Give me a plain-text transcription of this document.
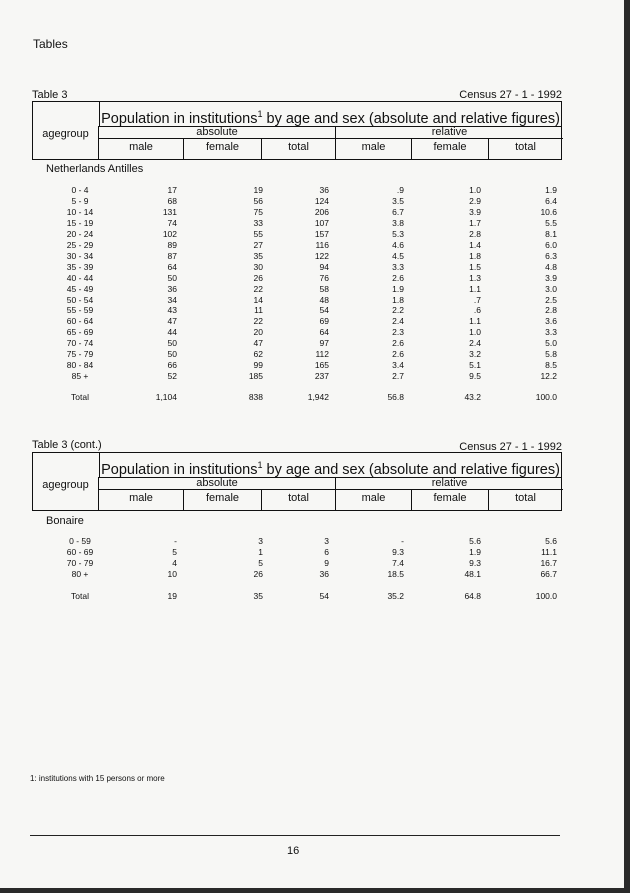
Tables
Table 3	Census 27 - 1 - 1992
Population in institutions$^1$ by age and sex (absolute and relative figures)
agegroup	absolute	relative
male	female	total	male	female	total
Netherlands Antilles
0 - 4	17	19	36	.9	1.0	1.9
5 - 9	68	56	124	3.5	2.9	6.4
10 - 14	131	75	206	6.7	3.9	10.6
15 - 19	74	33	107	3.8	1.7	5.5
20 - 24	102	55	157	5.3	2.8	8.1
25 - 29	89	27	116	4.6	1.4	6.0
30 - 34	87	35	122	4.5	1.8	6.3
35 - 39	64	30	94	3.3	1.5	4.8
40 - 44	50	26	76	2.6	1.3	3.9
45 - 49	36	22	58	1.9	1.1	3.0
50 - 54	34	14	48	1.8	.7	2.5
55 - 59	43	11	54	2.2	.6	2.8
60 - 64	47	22	69	2.4	1.1	3.6
65 - 69	44	20	64	2.3	1.0	3.3
70 - 74	50	47	97	2.6	2.4	5.0
75 - 79	50	62	112	2.6	3.2	5.8
80 - 84	66	99	165	3.4	5.1	8.5
85 +	52	185	237	2.7	9.5	12.2
Total	1,104	838	1,942	56.8	43.2	100.0
Table 3 (cont.)	Census 27 - 1 - 1992
Population in institutions$^1$ by age and sex (absolute and relative figures)
agegroup	absolute	relative
male	female	total	male	female	total
Bonaire
0 - 59	-	3	3	-	5.6	5.6
60 - 69	5	1	6	9.3	1.9	11.1
70 - 79	4	5	9	7.4	9.3	16.7
80 +	10	26	36	18.5	48.1	66.7
Total	19	35	54	35.2	64.8	100.0
1: institutions with 15 persons or more
16
